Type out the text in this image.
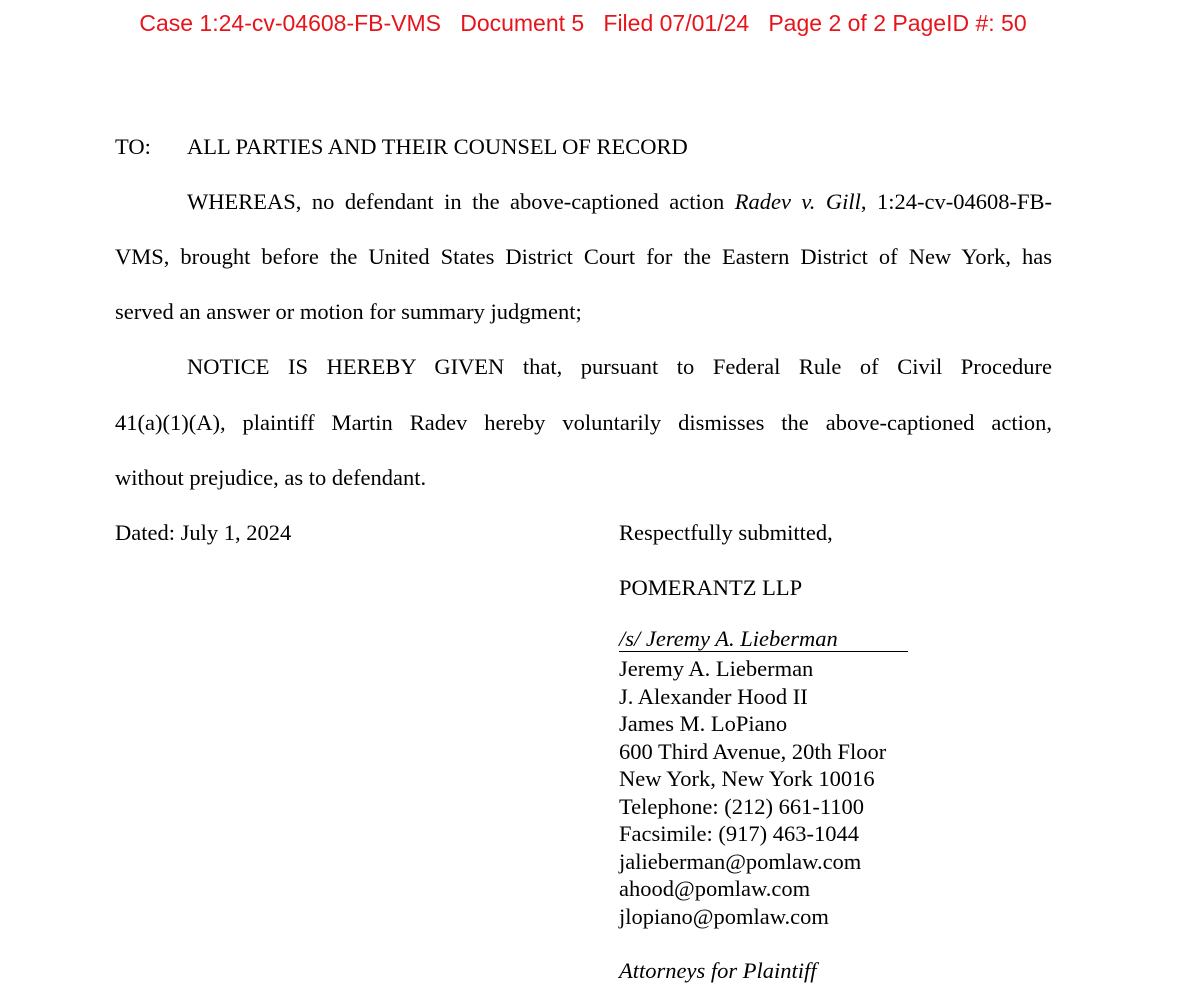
Case 1:24-cv-04608-FB-VMS Document 5 Filed 07/01/24 Page 2 of 2 PageID #: 50
TO: ALL PARTIES AND THEIR COUNSEL OF RECORD
WHEREAS, no defendant in the above-captioned action Radev v. Gill, 1:24-cv-04608-FB-
VMS, brought before the United States District Court for the Eastern District of New York, has
served an answer or motion for summary judgment;
NOTICE IS HEREBY GIVEN that, pursuant to Federal Rule of Civil Procedure
41(a)(1)(A), plaintiff Martin Radev hereby voluntarily dismisses the above-captioned action,
without prejudice, as to defendant.
Dated: July 1, 2024	Respectfully submitted,
POMERANTZ LLP
/s/ Jeremy A. Lieberman
Jeremy A. Lieberman
J. Alexander Hood II
James M. LoPiano
600 Third Avenue, 20th Floor
New York, New York 10016
Telephone: (212) 661-1100
Facsimile: (917) 463-1044
jalieberman@pomlaw.com
ahood@pomlaw.com
jlopiano@pomlaw.com
Attorneys for Plaintiff
